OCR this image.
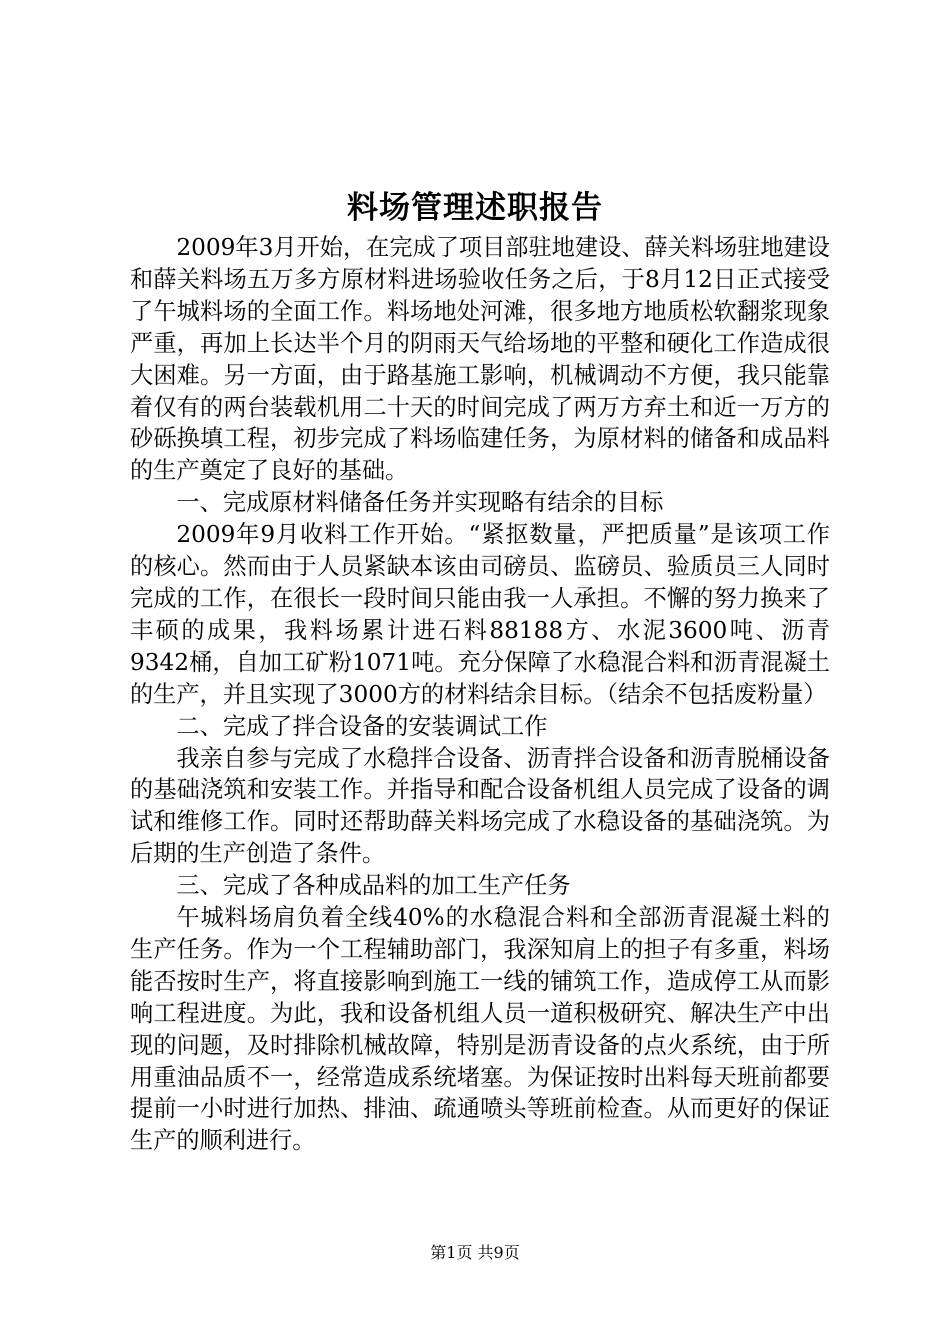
料场管理述职报告

2009年3月开始，在完成了项目部驻地建设、薛关料场驻地建设和薛关料场五万多方原材料进场验收任务之后，于8月12日正式接受了午城料场的全面工作。料场地处河滩，很多地方地质松软翻浆现象严重，再加上长达半个月的阴雨天气给场地的平整和硬化工作造成很大困难。另一方面，由于路基施工影响，机械调动不方便，我只能靠着仅有的两台装载机用二十天的时间完成了两万方弃土和近一万方的砂砾换填工程，初步完成了料场临建任务，为原材料的储备和成品料的生产奠定了良好的基础。

一、完成原材料储备任务并实现略有结余的目标

2009年9月收料工作开始。“紧抠数量，严把质量”是该项工作的核心。然而由于人员紧缺本该由司磅员、监磅员、验质员三人同时完成的工作，在很长一段时间只能由我一人承担。不懈的努力换来了丰硕的成果，我料场累计进石料88188方、水泥3600吨、沥青9342桶，自加工矿粉1071吨。充分保障了水稳混合料和沥青混凝土的生产，并且实现了3000方的材料结余目标。（结余不包括废粉量）

二、完成了拌合设备的安装调试工作

我亲自参与完成了水稳拌合设备、沥青拌合设备和沥青脱桶设备的基础浇筑和安装工作。并指导和配合设备机组人员完成了设备的调试和维修工作。同时还帮助薛关料场完成了水稳设备的基础浇筑。为后期的生产创造了条件。

三、完成了各种成品料的加工生产任务

午城料场肩负着全线40%的水稳混合料和全部沥青混凝土料的生产任务。作为一个工程辅助部门，我深知肩上的担子有多重，料场能否按时生产，将直接影响到施工一线的铺筑工作，造成停工从而影响工程进度。为此，我和设备机组人员一道积极研究、解决生产中出现的问题，及时排除机械故障，特别是沥青设备的点火系统，由于所用重油品质不一，经常造成系统堵塞。为保证按时出料每天班前都要提前一小时进行加热、排油、疏通喷头等班前检查。从而更好的保证生产的顺利进行。

第1页 共9页
